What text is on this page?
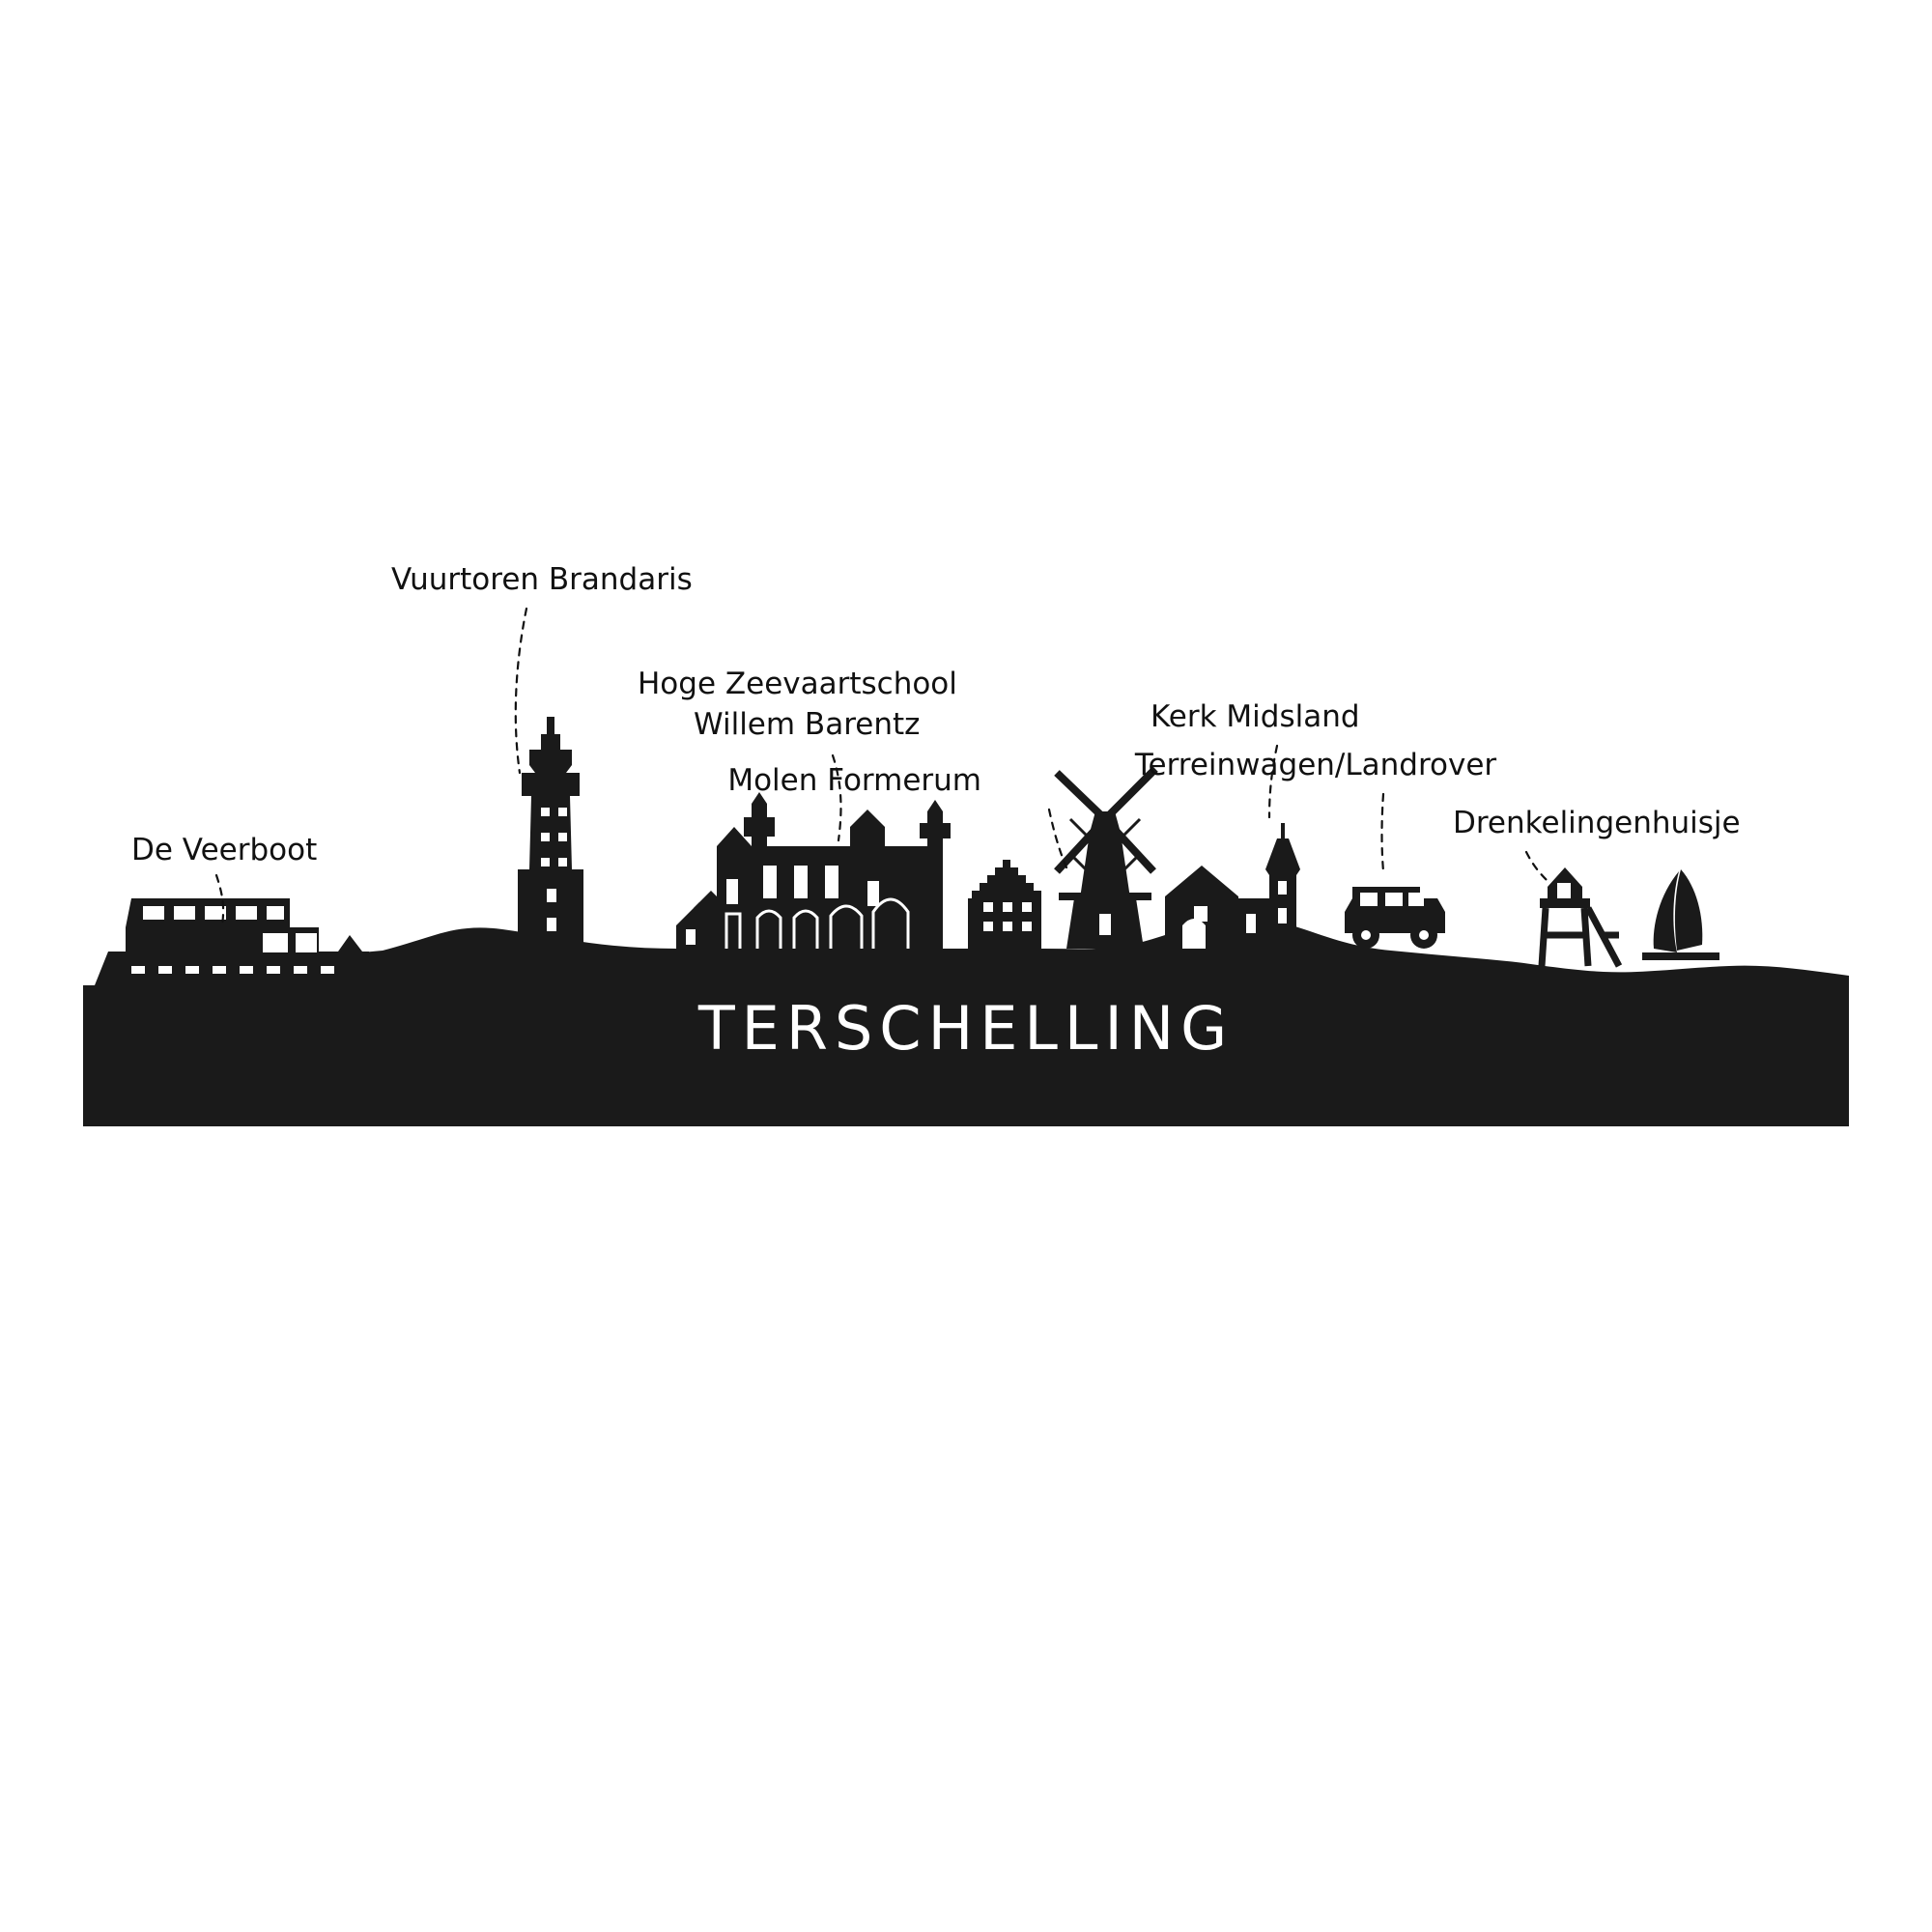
TERSCHELLING
De Veerboot
Vuurtoren Brandaris
Hoge Zeevaartschool
Willem Barentz
Molen Formerum
Kerk Midsland
Terreinwagen/Landrover
Drenkelingenhuisje
